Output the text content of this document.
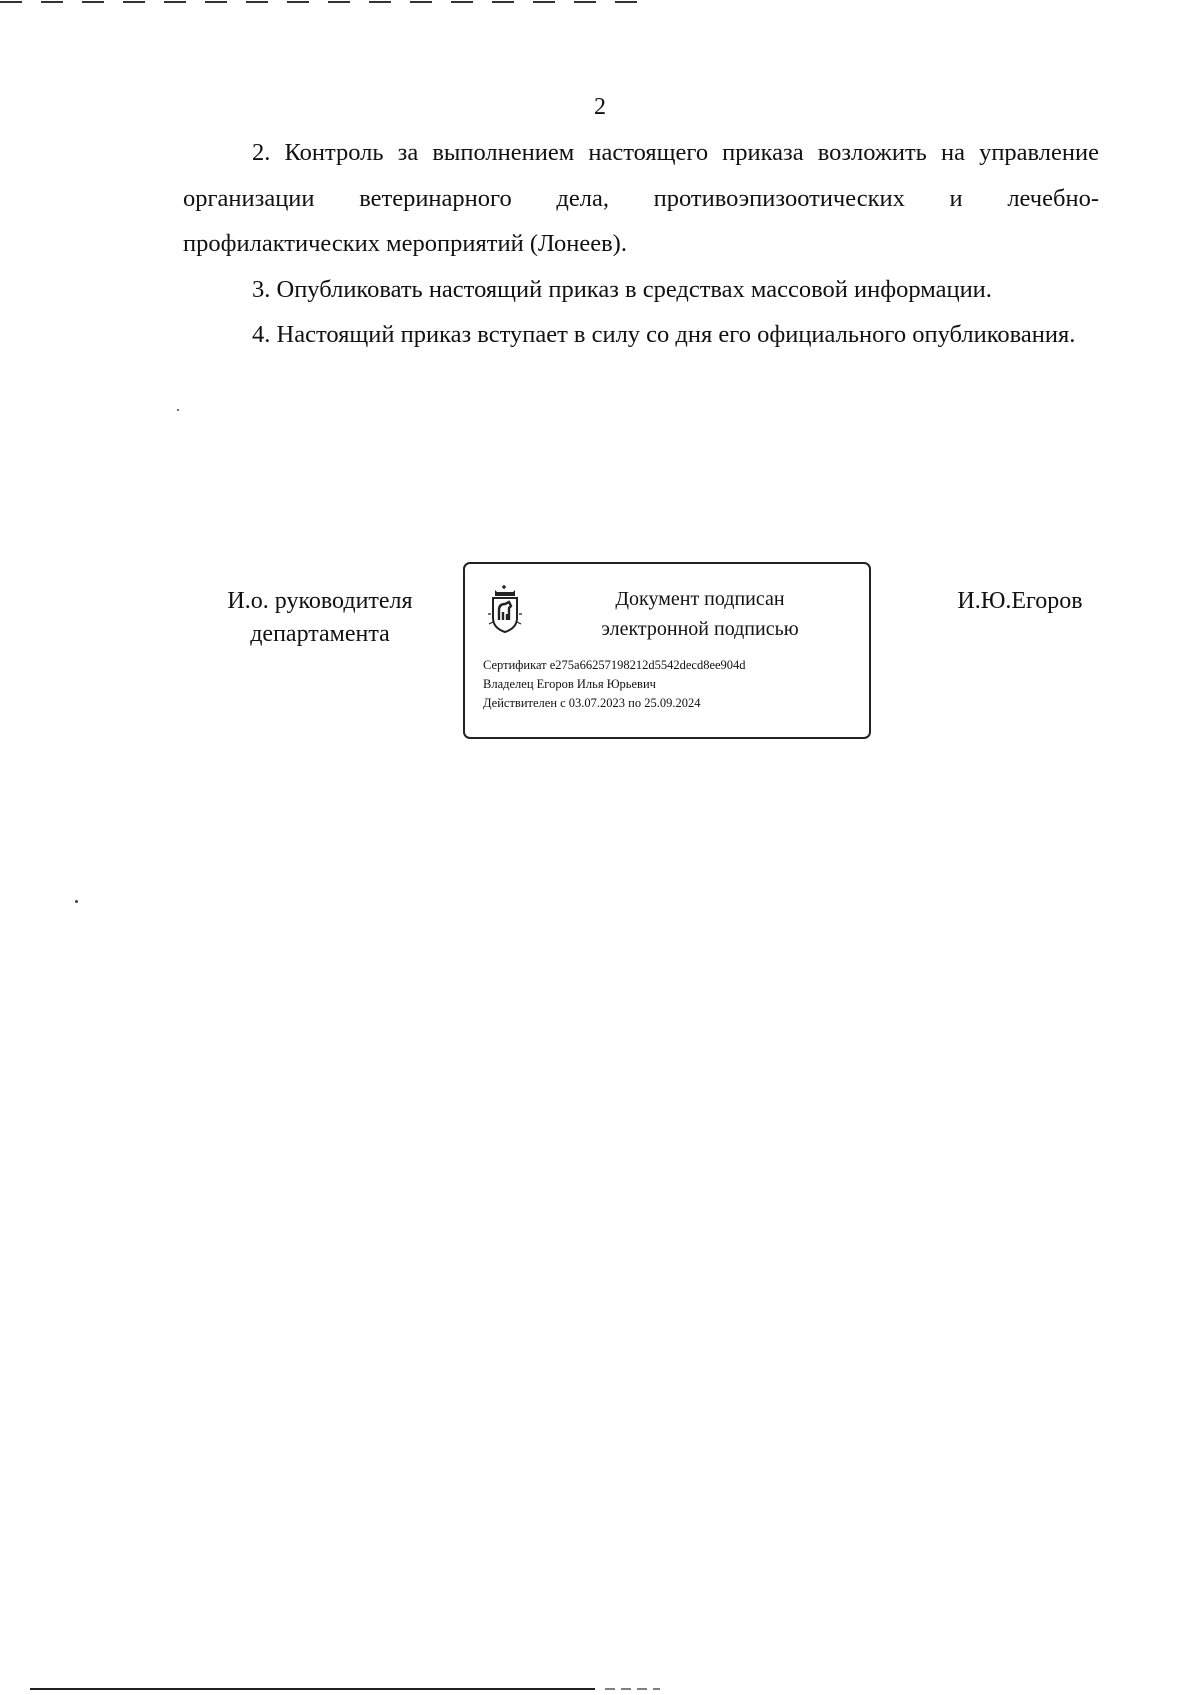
2

2. Контроль за выполнением настоящего приказа возложить на управление организации ветеринарного дела, противоэпизоотических и лечебно-профилактических мероприятий (Лонеев).

3. Опубликовать настоящий приказ в средствах массовой информации.

4. Настоящий приказ вступает в силу со дня его официального опубликования.

И.о. руководителя
департамента
Документ подписан
электронной подписью
Сертификат e275a66257198212d5542decd8ee904d
Владелец Егоров Илья Юрьевич
Действителен с 03.07.2023 по 25.09.2024
И.Ю.Егоров
